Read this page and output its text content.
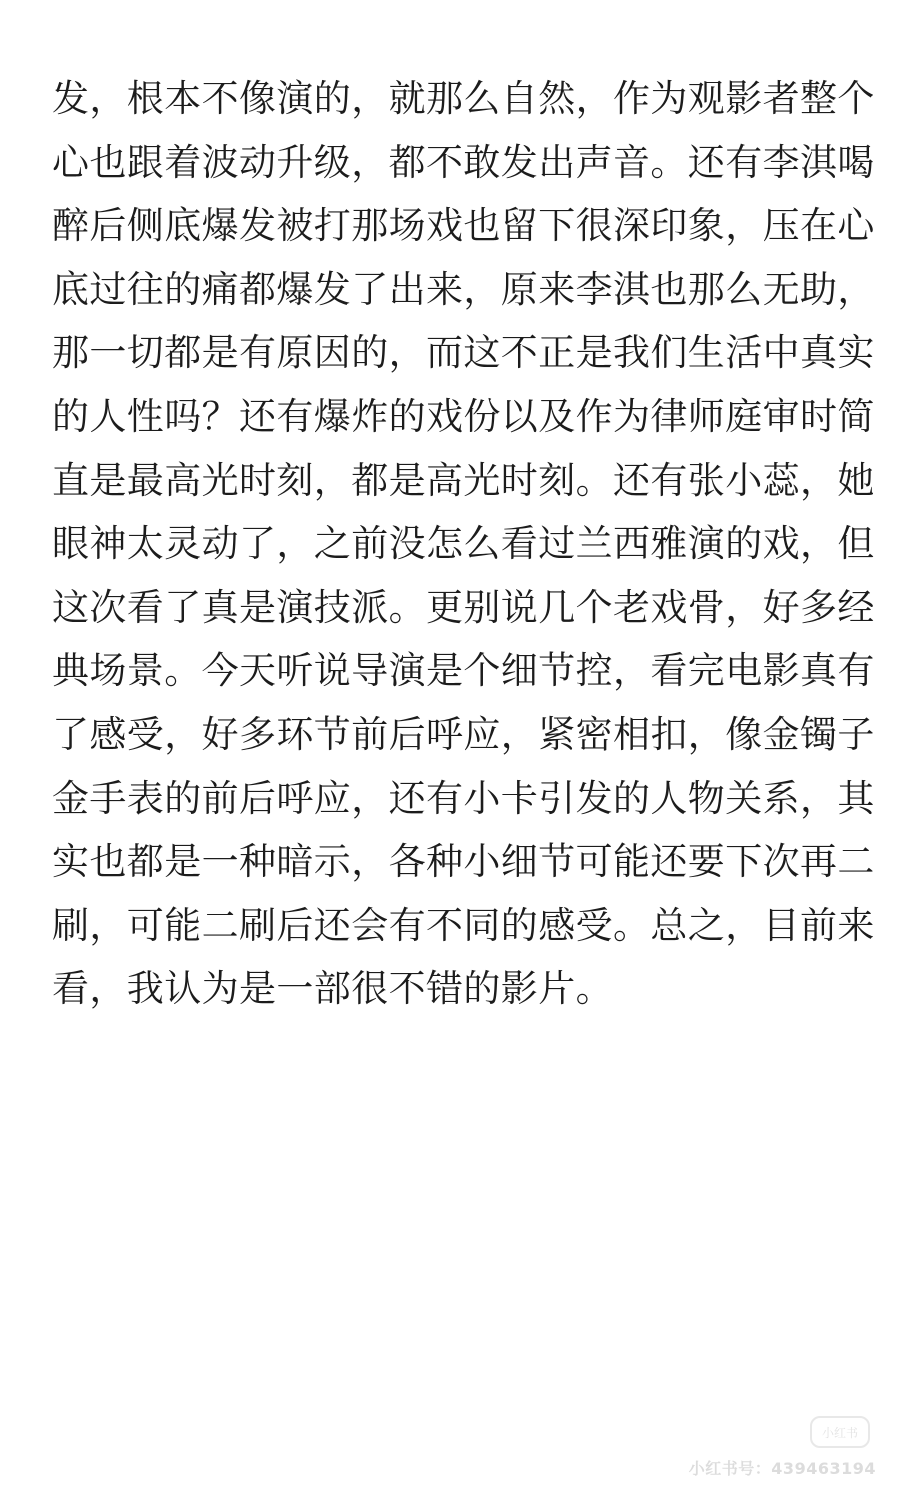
发，根本不像演的，就那么自然，作为观影者整个
心也跟着波动升级，都不敢发出声音。还有李淇喝
醉后侧底爆发被打那场戏也留下很深印象，压在心
底过往的痛都爆发了出来，原来李淇也那么无助，
那一切都是有原因的，而这不正是我们生活中真实
的人性吗？还有爆炸的戏份以及作为律师庭审时简
直是最高光时刻，都是高光时刻。还有张小蕊，她
眼神太灵动了，之前没怎么看过兰西雅演的戏，但
这次看了真是演技派。更别说几个老戏骨，好多经
典场景。今天听说导演是个细节控，看完电影真有
了感受，好多环节前后呼应，紧密相扣，像金镯子
金手表的前后呼应，还有小卡引发的人物关系，其
实也都是一种暗示，各种小细节可能还要下次再二
刷，可能二刷后还会有不同的感受。总之，目前来
看，我认为是一部很不错的影片。
小红书
小红书号：439463194
